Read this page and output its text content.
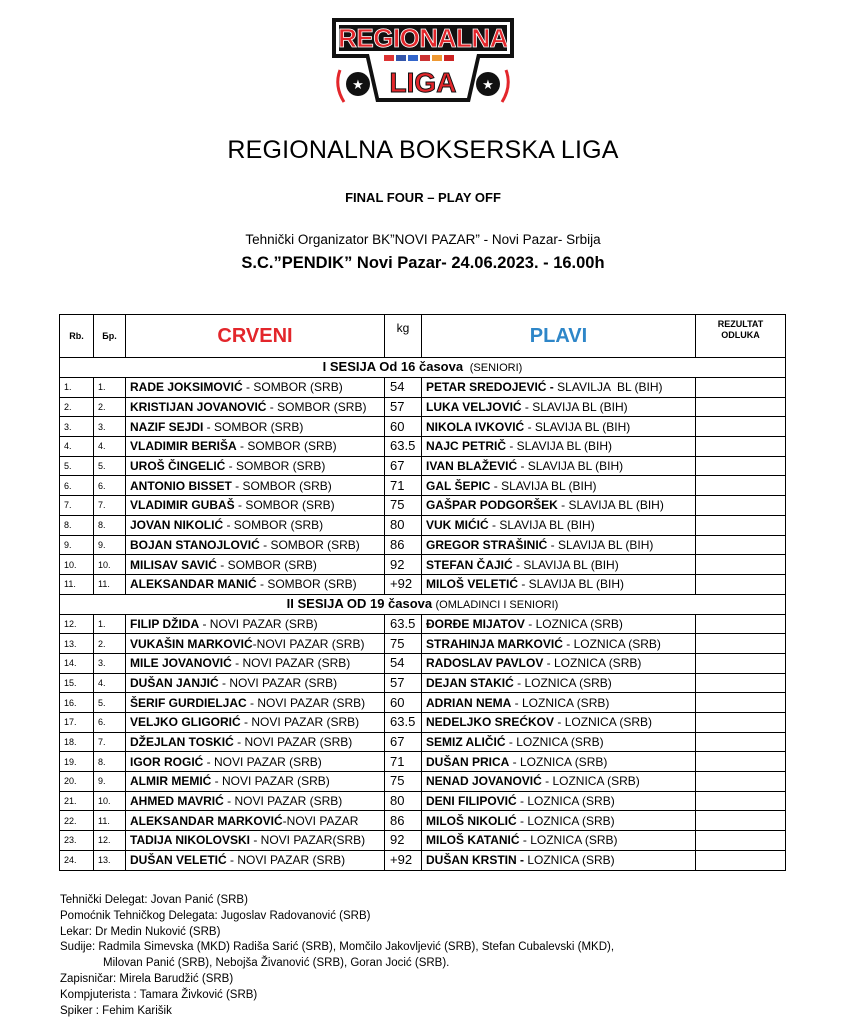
REGIONALNA
LIGA
★	★
REGIONALNA BOKSERSKA LIGA
FINAL FOUR – PLAY OFF
Tehnički Organizator BK”NOVI PAZAR” - Novi Pazar- Srbija
S.C.”PENDIK” Novi Pazar- 24.06.2023. - 16.00h
Rb.	Бр.	CRVENI	kg	PLAVI	REZULTAT
ODLUKA
I SESIJA Od 16 časova (SENIORI)					
1.	1.	RADE JOKSIMOVIĆ - SOMBOR (SRB)	54	PETAR SREDOJEVIĆ - SLAVILJA  BL (BIH)	
2.	2.	KRISTIJAN JOVANOVIĆ - SOMBOR (SRB)	57	LUKA VELJOVIĆ - SLAVIJA BL (BIH)	
3.	3.	NAZIF SEJDI - SOMBOR (SRB)	60	NIKOLA IVKOVIĆ - SLAVIJA BL (BIH)	
4.	4.	VLADIMIR BERIŠA - SOMBOR (SRB)	63.5	NAJC PETRIČ - SLAVIJA BL (BIH)	
5.	5.	UROŠ ČINGELIĆ - SOMBOR (SRB)	67	IVAN BLAŽEVIĆ - SLAVIJA BL (BIH)	
6.	6.	ANTONIO BISSET - SOMBOR (SRB)	71	GAL ŠEPIC - SLAVIJA BL (BIH)	
7.	7.	VLADIMIR GUBAŠ - SOMBOR (SRB)	75	GAŠPAR PODGORŠEK - SLAVIJA BL (BIH)	
8.	8.	JOVAN NIKOLIĆ - SOMBOR (SRB)	80	VUK MIĆIĆ - SLAVIJA BL (BIH)	
9.	9.	BOJAN STANOJLOVIĆ - SOMBOR (SRB)	86	GREGOR STRAŠINIĆ - SLAVIJA BL (BIH)	
10.	10.	MILISAV SAVIĆ - SOMBOR (SRB)	92	STEFAN ČAJIĆ - SLAVIJA BL (BIH)	
11.	11.	ALEKSANDAR MANIĆ - SOMBOR (SRB)	+92	MILOŠ VELETIĆ - SLAVIJA BL (BIH)	
II SESIJA OD 19 časova (OMLADINCI I SENIORI)					
12.	1.	FILIP DŽIDA - NOVI PAZAR (SRB)	63.5	ĐORĐE MIJATOV - LOZNICA (SRB)	
13.	2.	VUKAŠIN MARKOVIĆ-NOVI PAZAR (SRB)	75	STRAHINJA MARKOVIĆ - LOZNICA (SRB)	
14.	3.	MILE JOVANOVIĆ - NOVI PAZAR (SRB)	54	RADOSLAV PAVLOV - LOZNICA (SRB)	
15.	4.	DUŠAN JANJIĆ - NOVI PAZAR (SRB)	57	DEJAN STAKIĆ - LOZNICA (SRB)	
16.	5.	ŠERIF GURDIELJAC - NOVI PAZAR (SRB)	60	ADRIAN NEMA - LOZNICA (SRB)	
17.	6.	VELJKO GLIGORIĆ - NOVI PAZAR (SRB)	63.5	NEDELJKO SREĆKOV - LOZNICA (SRB)	
18.	7.	DŽEJLAN TOSKIĆ - NOVI PAZAR (SRB)	67	SEMIZ ALIČIĆ - LOZNICA (SRB)	
19.	8.	IGOR ROGIĆ - NOVI PAZAR (SRB)	71	DUŠAN PRICA - LOZNICA (SRB)	
20.	9.	ALMIR MEMIĆ - NOVI PAZAR (SRB)	75	NENAD JOVANOVIĆ - LOZNICA (SRB)	
21.	10.	AHMED MAVRIĆ - NOVI PAZAR (SRB)	80	DENI FILIPOVIĆ - LOZNICA (SRB)	
22.	11.	ALEKSANDAR MARKOVIĆ-NOVI PAZAR	86	MILOŠ NIKOLIĆ - LOZNICA (SRB)	
23.	12.	TADIJA NIKOLOVSKI - NOVI PAZAR(SRB)	92	MILOŠ KATANIĆ - LOZNICA (SRB)	
24.	13.	DUŠAN VELETIĆ - NOVI PAZAR (SRB)	+92	DUŠAN KRSTIN - LOZNICA (SRB)	
Tehnički Delegat: Jovan Panić (SRB)
Pomoćnik Tehničkog Delegata: Jugoslav Radovanović (SRB)
Lekar: Dr Medin Nuković (SRB)
Sudije: Radmila Simevska (MKD) Radiša Sarić (SRB), Momčilo Jakovljević (SRB), Stefan Cubalevski (MKD),
Milovan Panić (SRB), Nebojša Živanović (SRB), Goran Jocić (SRB).
Zapisničar: Mirela Barudžić (SRB)
Kompjuterista : Tamara Živković (SRB)
Spiker : Fehim Karišik
